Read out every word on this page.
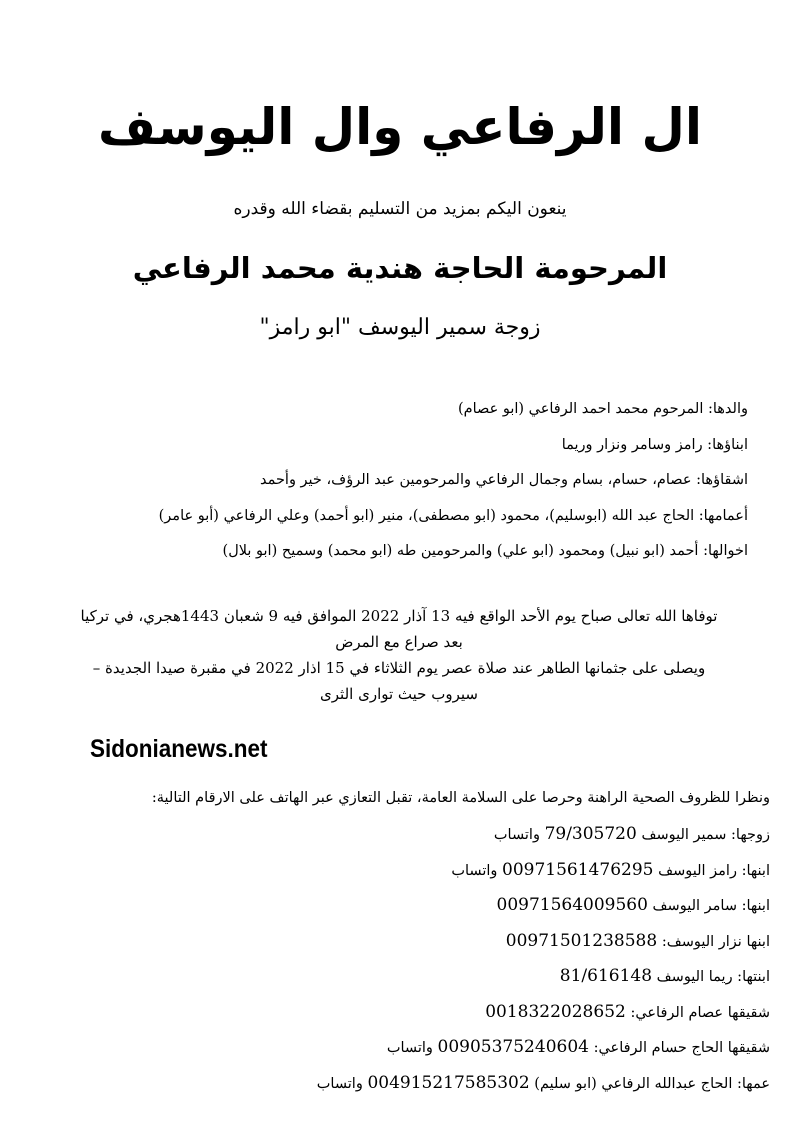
ال الرفاعي وال اليوسف
ينعون اليكم بمزيد من التسليم بقضاء الله وقدره
المرحومة الحاجة هندية محمد الرفاعي
زوجة سمير اليوسف "ابو رامز"
والدها: المرحوم محمد احمد الرفاعي (ابو عصام)
ابناؤها: رامز وسامر ونزار وريما
اشقاؤها: عصام، حسام، بسام وجمال الرفاعي والمرحومين عبد الرؤف، خير وأحمد
أعمامها: الحاج عبد الله (ابوسليم)، محمود (ابو مصطفى)، منير (ابو أحمد) وعلي الرفاعي (أبو عامر)
اخوالها: أحمد (ابو نبيل) ومحمود (ابو علي) والمرحومين طه (ابو محمد) وسميح (ابو بلال)

توفاها الله تعالى صباح يوم الأحد الواقع فيه 13 آذار 2022 الموافق فيه 9 شعبان 1443هجري، في تركيا

بعد صراع مع المرض

ويصلى على جثمانها الطاهر عند صلاة عصر يوم الثلاثاء في 15 اذار 2022 في مقبرة صيدا الجديدة –

سيروب حيث توارى الثرى

Sidonianews.net
ونظرا للظروف الصحية الراهنة وحرصا على السلامة العامة، تقبل التعازي عبر الهاتف على الارقام التالية:
زوجها: سمير اليوسف 79/305720 واتساب
ابنها: رامز اليوسف 00971561476295 واتساب
ابنها: سامر اليوسف 00971564009560
ابنها نزار اليوسف: 00971501238588
ابنتها: ريما اليوسف 81/616148
شقيقها عصام الرفاعي: 0018322028652
شقيقها الحاج حسام الرفاعي: 00905375240604 واتساب
عمها: الحاج عبدالله الرفاعي (ابو سليم) 004915217585302 واتساب
